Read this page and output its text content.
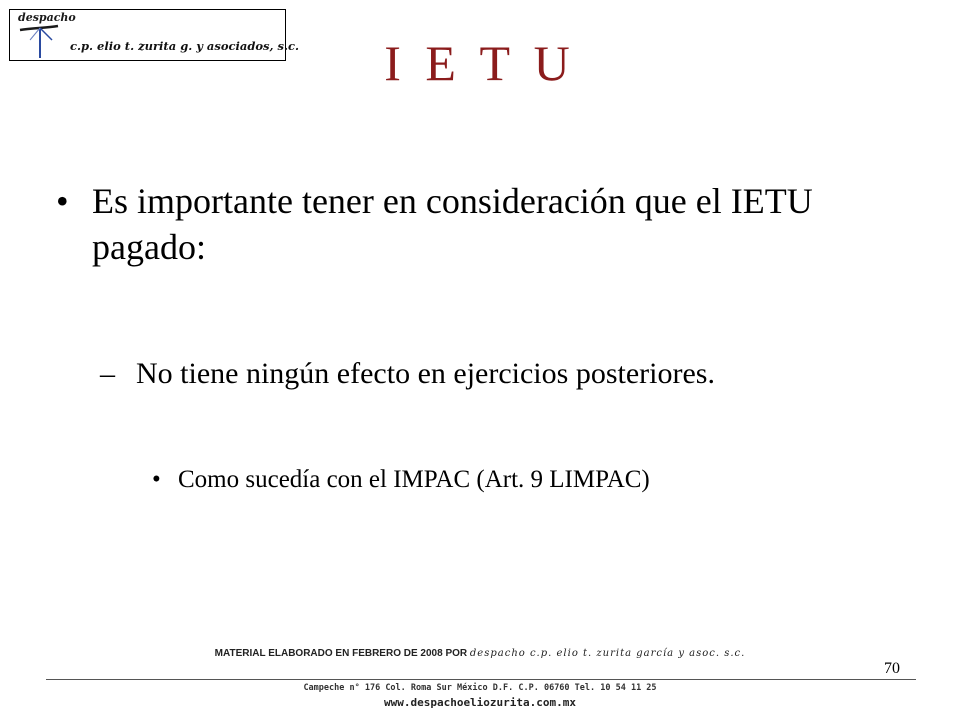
despacho
c.p. elio t. zurita g. y asociados, s.c.	I E T U
• Es importante tener en consideración que el IETU pagado:
– No tiene ningún efecto en ejercicios posteriores.
• Como sucedía con el IMPAC (Art. 9 LIMPAC)
MATERIAL ELABORADO EN FEBRERO DE 2008 POR despacho c.p. elio t. zurita garcía y asoc. s.c.
70
Campeche n° 176 Col. Roma Sur México D.F. C.P. 06760 Tel. 10 54 11 25
www.despachoeliozurita.com.mx
